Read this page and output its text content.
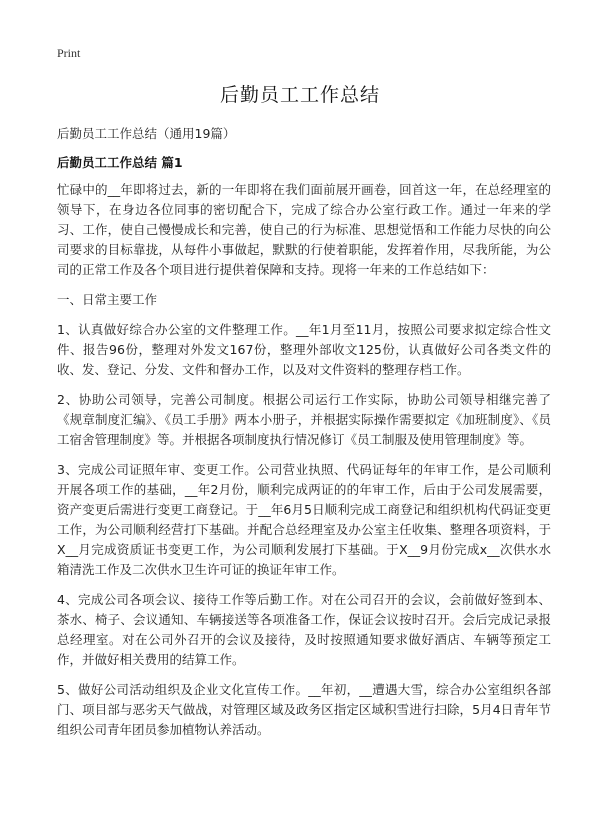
Print
后勤员工工作总结

后勤员工工作总结（通用19篇）

后勤员工工作总结 篇1

忙碌中的__年即将过去，新的一年即将在我们面前展开画卷，回首这一年，在总经理室的领导下，在身边各位同事的密切配合下，完成了综合办公室行政工作。通过一年来的学习、工作，使自己慢慢成长和完善，使自己的行为标准、思想觉悟和工作能力尽快的向公司要求的目标靠拢，从每件小事做起，默默的行使着职能，发挥着作用，尽我所能，为公司的正常工作及各个项目进行提供着保障和支持。现将一年来的工作总结如下：

一、日常主要工作

1、认真做好综合办公室的文件整理工作。__年1月至11月，按照公司要求拟定综合性文件、报告96份，整理对外发文167份，整理外部收文125份，认真做好公司各类文件的收、发、登记、分发、文件和督办工作，以及对文件资料的整理存档工作。

2、协助公司领导，完善公司制度。根据公司运行工作实际，协助公司领导相继完善了《规章制度汇编》、《员工手册》两本小册子，并根据实际操作需要拟定《加班制度》、《员工宿舍管理制度》等。并根据各项制度执行情况修订《员工制服及使用管理制度》等。

3、完成公司证照年审、变更工作。公司营业执照、代码证每年的年审工作，是公司顺利开展各项工作的基础，__年2月份，顺利完成两证的的年审工作，后由于公司发展需要，资产变更后需进行变更工商登记。于__年6月5日顺利完成工商登记和组织机构代码证变更工作，为公司顺利经营打下基础。并配合总经理室及办公室主任收集、整理各项资料，于X__月完成资质证书变更工作，为公司顺利发展打下基础。于X__9月份完成x__次供水水箱清洗工作及二次供水卫生许可证的换证年审工作。

4、完成公司各项会议、接待工作等后勤工作。对在公司召开的会议，会前做好签到本、茶水、椅子、会议通知、车辆接送等各项准备工作，保证会议按时召开。会后完成记录报总经理室。对在公司外召开的会议及接待，及时按照通知要求做好酒店、车辆等预定工作，并做好相关费用的结算工作。

5、做好公司活动组织及企业文化宣传工作。__年初，__遭遇大雪，综合办公室组织各部门、项目部与恶劣天气做战，对管理区域及政务区指定区域积雪进行扫除，5月4日青年节组织公司青年团员参加植物认养活动。
